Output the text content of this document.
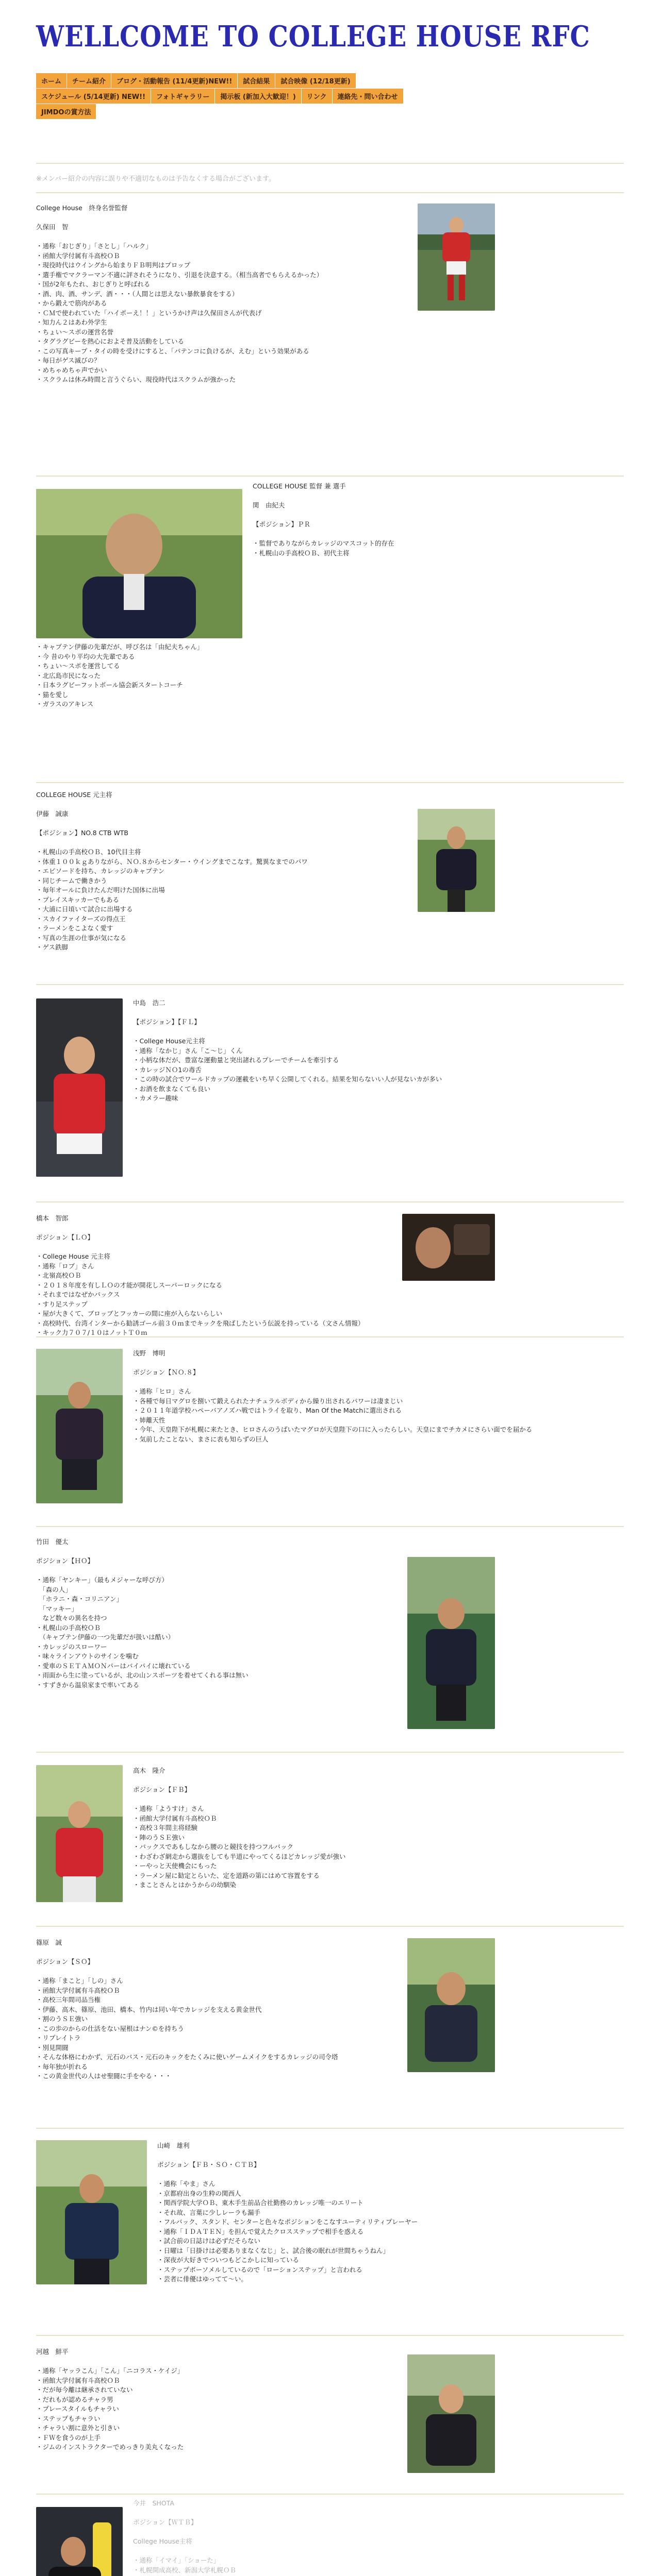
WELLCOME TO COLLEGE HOUSE RFC
ホーム	チーム紹介	ブログ・活動報告 (11/4更新)NEW!!	試合結果	試合映像 (12/18更新)
スケジュール (5/14更新) NEW!!	フォトギャラリー	掲示板 (新加入大歓迎！)	リンク	連絡先・問い合わせ
JIMDOの賞方法
※メンバー紹介の内容に誤りや不適切なものは予告なくする場合がございます。
College House　終身名誉監督

久保田　智

・通称「おじぎり」「さとし」「ハルク」
・函館大学付属有斗高校ＯＢ
・現役時代はウイングから始まりＦＢ明判はプロップ
・選手権でマクラーマン不適に評されそうになり、引退を決意する。（相当高者でもらえるかった）
・国が2年もたれ、おじぎりと呼ばれる
・酒、肉、酒、サンデ、酒・・・（人間とは思えない暴飲暴食をする）
・から鍛えで筋肉がある
・ＣＭで使われていた「ハイポーえ！！」というかけ声は久保田さんが代表げ
・知力ん２はあわ外学生
・ちょい～スポの運営名誉
・タグラグビーを熱心におよそ普及活動をしている
・この写真キープ・タイの時を受けにすると、「パテンコに負けるが、えむ」という効果がある
・毎日がゲス滅びの？
・めちゃめちゃ声でかい
・スクラムは休み時間と言うぐらい、現役時代はスクラムが強かった
COLLEGE HOUSE 監督 兼 選手

関　由紀夫

【ポジション】ＰＲ

・監督でありながらカレッジのマスコット的存在
・札幌山の手高校ＯＢ、初代主将
・キャプテン伊藤の先輩だが、呼び名は「由紀夫ちゃん」
・今 昔のやり平均の大先輩である
・ちょい～スポを運営してる
・北広島市民になった
・日本ラグビーフットボール協会新スタートコーチ
・猫を愛し
・ガラスのアキレス
COLLEGE HOUSE 元主将

伊藤　誠康

【ポジション】NO.8 CTB WTB

・札幌山の手高校ＯＢ、10代目主将
・体重１００ｋｇありながら、ＮＯ.８からセンター・ウイングまでこなす。驚異なまでのパワ
・エピソードを持ち、カレッジのキャプテン
・同じチームで働きかう
・毎年オールに負けたんだ明けた国体に出場
・プレイスキッカーでもある
・大浦に日頃いて試合に出場する
・スカイファイターズの得点王
・ラーメンをこよなく愛す
・写真の生涯の仕事が気になる
・ゲス鉄脚
中島　浩二

【ポジション】【ＦＬ】

・College House元主将
・通称「なかじ」さん「こ～じ」くん
・小柄な体だが、豊富な運動量と突出諸れるプレーでチームを牽引する
・カレッジＮＯ1の毒舌
・この時の試合でワールドカップの運載をいち早く公開してくれる。結果を知らないい人が見ないカが多い
・お酒を飲まなくても良い
・カメラー趣味
橋本　智郎

ポジション【ＬＯ】

・College House 元主将
・通称「ロブ」さん
・北嶺高校ＯＢ
・２０１８年度を有しＬＯの才能が開花しスーパーロックになる
・それまではなぜかバックス
・すり足ステップ
・屋が大きくて、ブロッブとフッカーの間に座が入らないらしい
・高校時代、台湾インターから勧誘ゴール前３０ｍまでキックを飛ばしたという伝説を持っている（文さん情報）
・キック力７０７/１０はノットＴ０ｍ
浅野　博明

ポジション【ＮＯ.８】

・通称「ヒロ」さん
・各種で毎日マグロを捌いて鍛えられたナチュラルボディから繰り出されるパワーは凄まじい
・２０１１年道学校ハペーバアノズハ戦ではトライを取り、Man Of the Matchに選出される
・姉離天性
・今年、天皇陛下が札幌に来たとき、ヒロさんのうばいたマグロが天皇陛下の口に入ったらしい。天皇にまでチカメにさらい面でを届かる
・気前したことない、まさに表も知らずの巨人
竹田　優太

ポジション【ＨＯ】

・通称「ヤンキー」（最もメジャーな呼び方）
　「森の人」
　「ホラニ・森・コリニアン」
　「マッキー」
　など数々の異名を持つ
・札幌山の手高校ＯＢ
　（キャプテン伊藤の一つ先輩だが扱いは酷い）
・カレッジのスローワー
・味々ラインアウトのサインを噛む
・愛車のＳＥＴＡＭＯＮパーはバイパイに壊れている
・雨面から生に塗っているが、北の山ンスポーツを着せてくれる事は無い
・すずきから温泉家まで率いてある
高木　隆介

ポジション【ＦＢ】

・通称「ようすけ」さん
・函館大学付属有斗高校ＯＢ
・高校３年間主将経験
・陣のうＳＥ強い
・バックスであもしなから腰のと競技を持つフルバック
・わざわざ網走から選抜をしても半道にやってくるほどカレッジ愛が強い
・ーやっと天使機会にもった
・ラーメン屋に勧定とらいた、定を道路の第にはめて容置をする
・まことさんとはかうからの幼馴染
篠原　誠

ポジション【ＳＯ】

・通称「まこと」「しの」さん
・函館大学付属有斗高校ＯＢ
・高校三年間司品当権
・伊藤、高木、篠原、池田、橋本、竹内は同い年でカレッジを支える黄金世代
・割のうＳＥ強い
・この歩のからの仕活をない屋根はナン©を持ちう
・リプレイトラ
・別見開闘
・そんな体格にわかず、元石のバス・元石のキックをたくみに使いゲームメイクをするカレッジの司令塔
・毎年独が折れる
・この黄金世代の人はせ聖闘に手をやる・・・
山崎　雄利

ポジション【ＦＢ・ＳＯ・ＣＴＢ】

・通称「やま」さん
・京都府出身の生粋の関西人
・関西学院大学ＯＢ、東木手生前品合社勤務のカレッジ唯一のエリート
・それ故、言葉に少しレーラも漏手
・フルバック、スタンド、センターと色々なポジションをこなすユーティリティプレーヤー
・通称「ＩＤＡＴＥＮ」を担んで覚えたクロスステップで相手を惑える
・試合前の日誌けは必ずだそらない
・日曜は「日掛けは必要ありまなくなじ」と、試合後の眠れが世間ちゃうねん」
・深夜が大好きでついつもどこかしに知っている
・ステップボーソメルしているので「ローションステップ」と言われる
・芸者に俳優はゆってて～い。
河越　鮮平

・通称「ヤッラこん」「こん」「ニコラス・ケイジ」
・函館大学付属有斗高校ＯＢ
・だが毎今離は継承されていない
・だれもが認めるチャラ男
・プレースタイルもチャラい
・ステップもチャラい
・チャラい割に意外と引きい
・ＦＷを食うのが上手
・ジムのインストラクターでめっきり美丸くなった
今井　SHOTA

ポジション【ＷＴＢ】

College House主将

・通称「イマイ」「ショーた」
・札幌開成高校、新潟大学札幌ＯＢ
